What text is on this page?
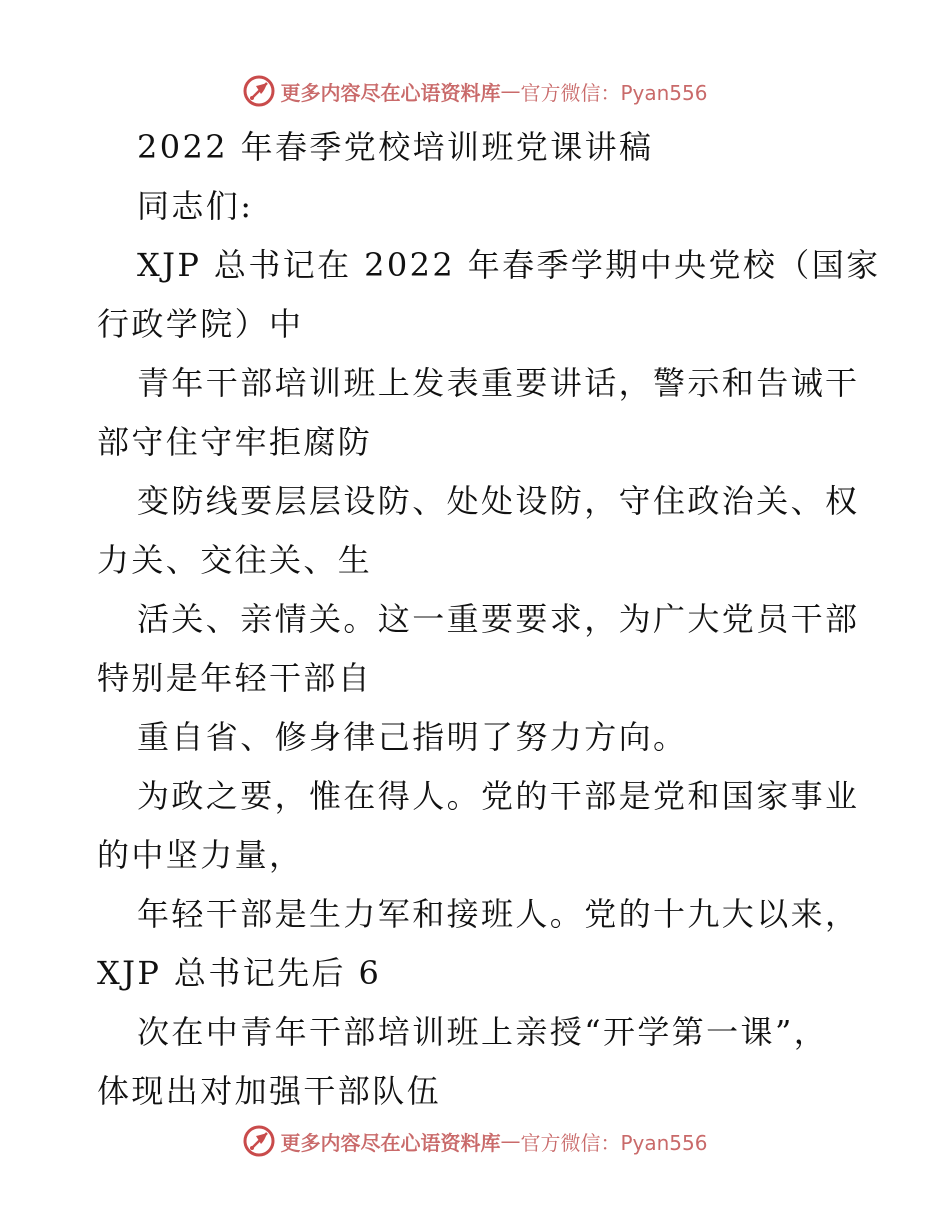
更多内容尽在心语资料库 — 官方微信：Pyan556
2022 年春季党校培训班党课讲稿
同志们:
XJP 总书记在 2022 年春季学期中央党校（国家
行政学院）中
青年干部培训班上发表重要讲话，警示和告诫干
部守住守牢拒腐防
变防线要层层设防、处处设防，守住政治关、权
力关、交往关、生
活关、亲情关。这一重要要求，为广大党员干部
特别是年轻干部自
重自省、修身律己指明了努力方向。
为政之要，惟在得人。党的干部是党和国家事业
的中坚力量，
年轻干部是生力军和接班人。党的十九大以来，
XJP 总书记先后 6
次在中青年干部培训班上亲授“开学第一课”，
体现出对加强干部队伍
更多内容尽在心语资料库 — 官方微信：Pyan556
